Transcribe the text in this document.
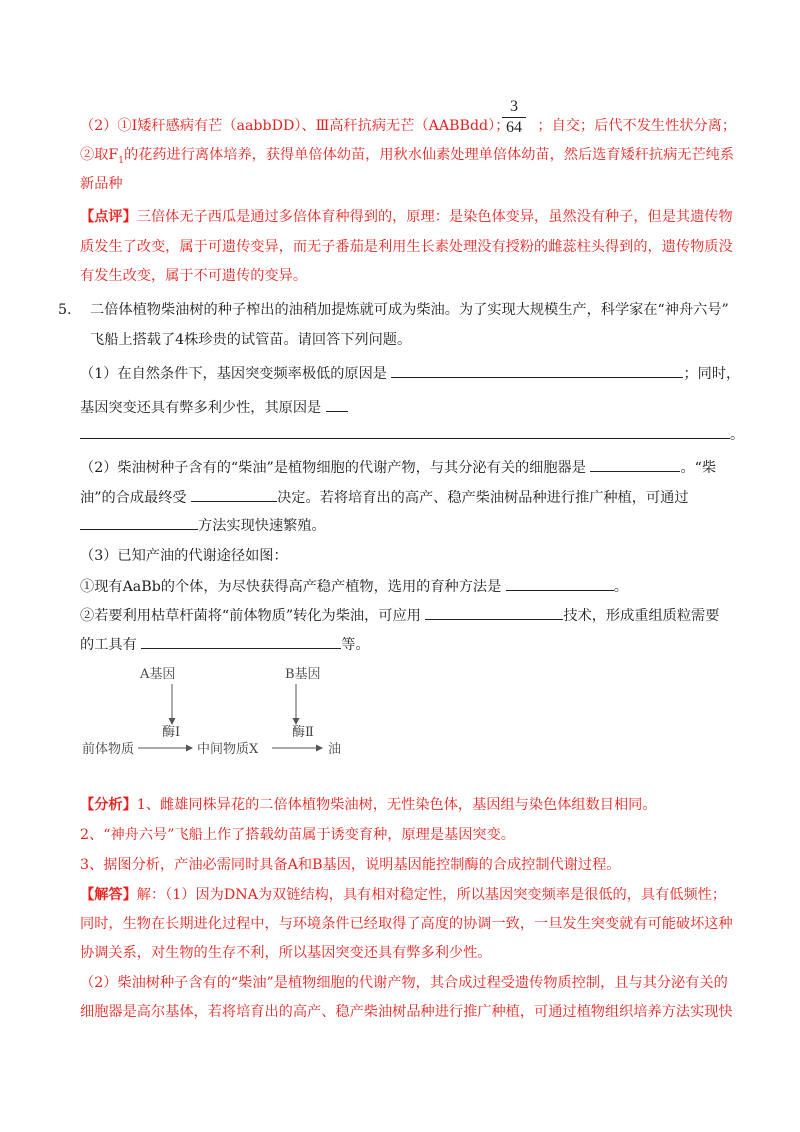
3
64
（2）①Ⅰ矮秆感病有芒（aabbDD）、Ⅲ高秆抗病无芒（AABBdd）； ；自交；后代不发生性状分离；
②取$F_1$的花药进行离体培养，获得单倍体幼苗，用秋水仙素处理单倍体幼苗，然后选育矮秆抗病无芒纯系
新品种
【点评】三倍体无子西瓜是通过多倍体育种得到的，原理：是染色体变异，虽然没有种子，但是其遗传物
质发生了改变，属于可遗传变异，而无子番茄是利用生长素处理没有授粉的雌蕊柱头得到的，遗传物质没
有发生改变，属于不可遗传的变异。
5. 二倍体植物柴油树的种子榨出的油稍加提炼就可成为柴油。为了实现大规模生产，科学家在“神舟六号”
飞船上搭载了4株珍贵的试管苗。请回答下列问题。
（1）在自然条件下，基因突变频率极低的原因是	；同时，
基因突变还具有弊多利少性，其原因是
。
（2）柴油树种子含有的“柴油”是植物细胞的代谢产物，与其分泌有关的细胞器是	。“柴
油”的合成最终受	决定。若将培育出的高产、稳产柴油树品种进行推广种植，可通过
方法实现快速繁殖。
（3）已知产油的代谢途径如图：
①现有AaBb的个体，为尽快获得高产稳产植物，选用的育种方法是	。
②若要利用枯草杆菌将“前体物质”转化为柴油，可应用	技术，形成重组质粒需要
的工具有	等。
A基因	B基因
酶Ⅰ	酶Ⅱ
前体物质	中间物质X	油
【分析】1、雌雄同株异花的二倍体植物柴油树，无性染色体，基因组与染色体组数目相同。
2、“神舟六号”飞船上作了搭载幼苗属于诱变育种，原理是基因突变。
3、据图分析，产油必需同时具备A和B基因，说明基因能控制酶的合成控制代谢过程。
【解答】解：（1）因为DNA为双链结构，具有相对稳定性，所以基因突变频率是很低的，具有低频性；
同时，生物在长期进化过程中，与环境条件已经取得了高度的协调一致，一旦发生突变就有可能破坏这种
协调关系，对生物的生存不利，所以基因突变还具有弊多利少性。
（2）柴油树种子含有的“柴油”是植物细胞的代谢产物，其合成过程受遗传物质控制，且与其分泌有关的
细胞器是高尔基体，若将培育出的高产、稳产柴油树品种进行推广种植，可通过植物组织培养方法实现快
